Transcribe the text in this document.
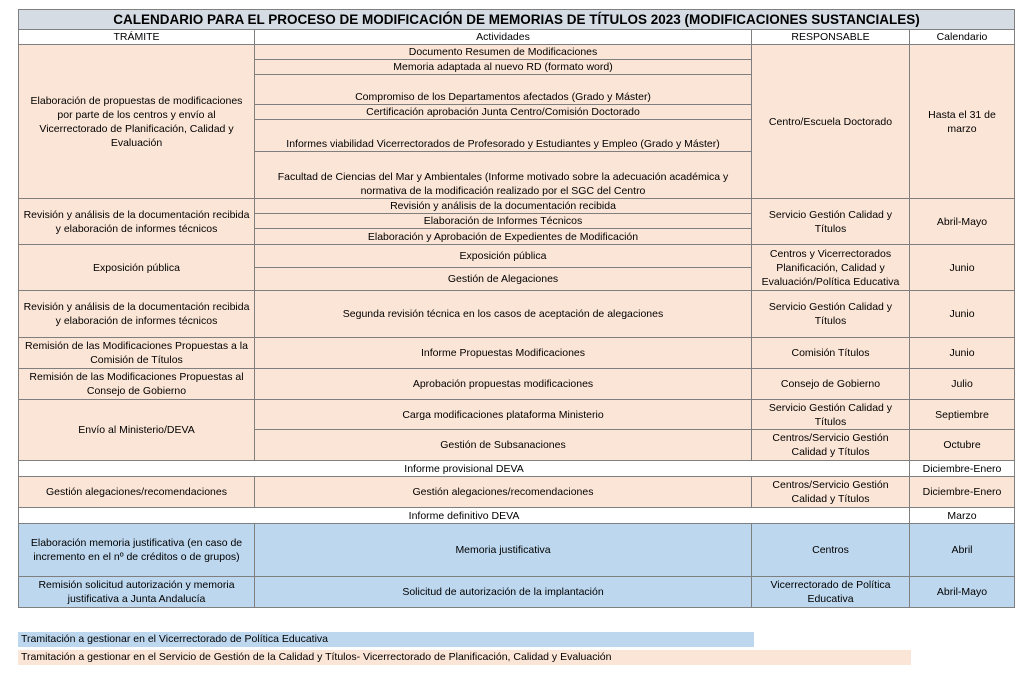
CALENDARIO PARA EL PROCESO DE MODIFICACIÓN DE MEMORIAS DE TÍTULOS 2023 (MODIFICACIONES SUSTANCIALES)			
TRÁMITE	Actividades	RESPONSABLE	Calendario
Elaboración de propuestas de modificaciones por parte de los centros y envío al Vicerrectorado de Planificación, Calidad y Evaluación	Documento Resumen de Modificaciones	Centro/Escuela Doctorado	Hasta el 31 de marzo
	Memoria adaptada al nuevo RD (formato word)		
	Compromiso de los Departamentos afectados (Grado y Máster)		
	Certificación aprobación Junta Centro/Comisión Doctorado		
	Informes viabilidad Vicerrectorados de Profesorado y Estudiantes y Empleo (Grado y Máster)		
	Facultad de Ciencias del Mar y Ambientales (Informe motivado sobre la adecuación académica y normativa de la modificación realizado por el SGC del Centro		
Revisión y análisis de la documentación recibida y elaboración de informes técnicos	Revisión y análisis de la documentación recibida	Servicio Gestión Calidad y Títulos	Abril-Mayo
	Elaboración de Informes Técnicos		
	Elaboración y Aprobación de Expedientes de Modificación		
Exposición pública	Exposición pública	Centros y Vicerrectorados Planificación, Calidad y Evaluación/Política Educativa	Junio
	Gestión de Alegaciones		
Revisión y análisis de la documentación recibida y elaboración de informes técnicos	Segunda revisión técnica en los casos de aceptación de alegaciones	Servicio Gestión Calidad y Títulos	Junio
Remisión de las Modificaciones Propuestas a la Comisión de Títulos	Informe Propuestas Modificaciones	Comisión Títulos	Junio
Remisión de las Modificaciones Propuestas al Consejo de Gobierno	Aprobación propuestas modificaciones	Consejo de Gobierno	Julio
Envío al Ministerio/DEVA	Carga modificaciones plataforma Ministerio	Servicio Gestión Calidad y Títulos	Septiembre
	Gestión de Subsanaciones	Centros/Servicio Gestión Calidad y Títulos	Octubre
Informe provisional DEVA			Diciembre-Enero
Gestión alegaciones/recomendaciones	Gestión alegaciones/recomendaciones	Centros/Servicio Gestión Calidad y Títulos	Diciembre-Enero
Informe definitivo DEVA			Marzo
Elaboración memoria justificativa (en caso de incremento en el nº de créditos o de grupos)	Memoria justificativa	Centros	Abril
Remisión solicitud autorización y memoria justificativa a Junta Andalucía	Solicitud de autorización de la implantación	Vicerrectorado de Política Educativa	Abril-Mayo
Tramitación a gestionar en el Vicerrectorado de Política Educativa
Tramitación a gestionar en el Servicio de Gestión de la Calidad y Títulos- Vicerrectorado de Planificación, Calidad y Evaluación
